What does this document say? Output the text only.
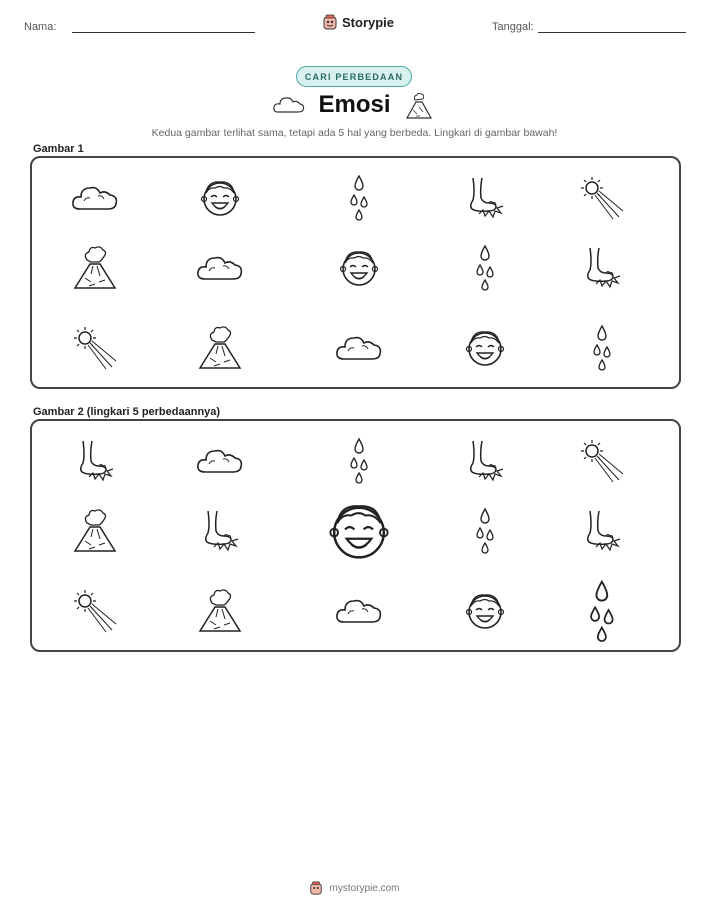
Nama:	Storypie	Tanggal:
CARI PERBEDAAN
Emosi
Kedua gambar terlihat sama, tetapi ada 5 hal yang berbeda. Lingkari di gambar bawah!
Gambar 1
Gambar 2 (lingkari 5 perbedaannya)
mystorypie.com
